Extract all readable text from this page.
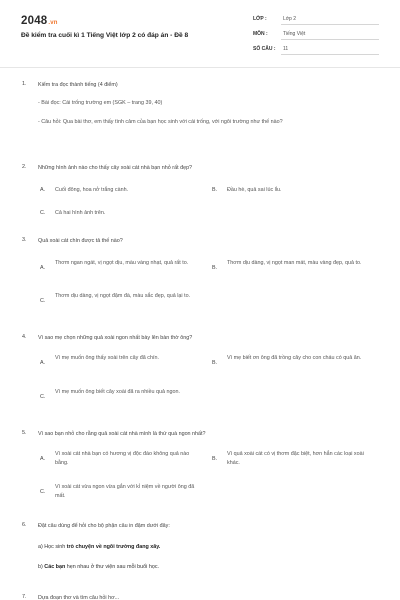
2048.vn
Đề kiểm tra cuối kì 1 Tiếng Việt lớp 2 có đáp án - Đề 8
LỚP :	Lớp 2
MÔN :	Tiếng Việt
SỐ CÂU : 11
1. Kiểm tra đọc thành tiếng (4 điểm)
- Bài đọc: Cái trống trường em (SGK – trang 39, 40)
- Câu hỏi: Qua bài thơ, em thấy tình cảm của bạn học sinh với cái trống, với ngôi trường như thế nào?
2. Những hình ảnh nào cho thấy cây xoài cát nhà bạn nhỏ rất đẹp?
A. Cuối đông, hoa nở trắng cành.	B. Đầu hè, quả sai lúc lỉu.
C. Cả hai hình ảnh trên.
3. Quả xoài cát chín được tả thế nào?
A.
Thơm ngan ngát, vị ngọt dịu, màu vàng nhạt, quả rất to.
B.
Thơm dịu dàng, vị ngọt man mát, màu vàng đẹp, quả to.
C.
Thơm dịu dàng, vị ngọt đậm đà, màu sắc đẹp, quả lại to.
4. Vì sao mẹ chọn những quả xoài ngon nhất bày lên bàn thờ ông?
A.
Vì mẹ muốn ông thấy xoài trên cây đã chín.
B.
Vì mẹ biết ơn ông đã trồng cây cho con cháu có quả ăn.
C.
Vì mẹ muốn ông biết cây xoài đã ra nhiều quả ngon.
5. Vì sao bạn nhỏ cho rằng quả xoài cát nhà mình là thứ quà ngon nhất?
A.
Vì xoài cát nhà bạn có hương vị độc đáo không quả nào bằng.
B.
Vì quả xoài cát có vị thơm đặc biệt, hơn hẳn các loại xoài khác.
C.
Vì xoài cát vừa ngon vừa gắn với kỉ niệm về người ông đã mất.
6. Đặt câu dùng để hỏi cho bộ phận câu in đậm dưới đây:
a) Học sinh trò chuyện về ngôi trường đang xây.
b) Các bạn hẹn nhau ở thư viện sau mỗi buổi học.
7. Dựa đoạn thơ và tìm câu hỏi hơ...
